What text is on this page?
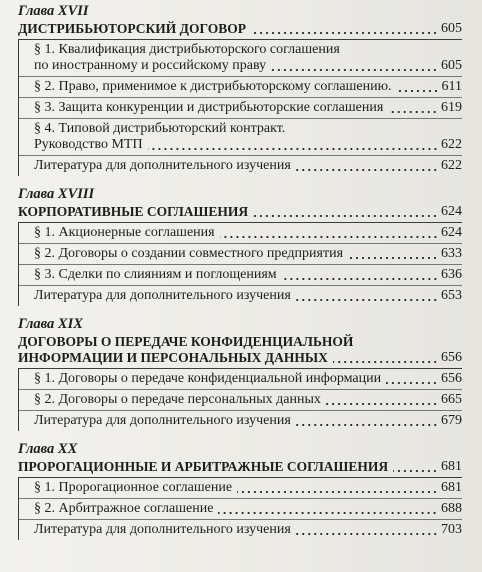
Глава XVII
ДИСТРИБЬЮТОРСКИЙ ДОГОВОР	605
§ 1. Квалификация дистрибьюторского соглашения
по иностранному и российскому праву	605
§ 2. Право, применимое к дистрибьюторскому соглашению.	611
§ 3. Защита конкуренции и дистрибьюторские соглашения	619
§ 4. Типовой дистрибьюторский контракт.
Руководство МТП	622
Литература для дополнительного изучения	622
Глава XVIII
КОРПОРАТИВНЫЕ СОГЛАШЕНИЯ	624
§ 1. Акционерные соглашения	624
§ 2. Договоры о создании совместного предприятия	633
§ 3. Сделки по слияниям и поглощениям	636
Литература для дополнительного изучения	653
Глава XIX
ДОГОВОРЫ О ПЕРЕДАЧЕ КОНФИДЕНЦИАЛЬНОЙ
ИНФОРМАЦИИ И ПЕРСОНАЛЬНЫХ ДАННЫХ	656
§ 1. Договоры о передаче конфиденциальной информации	656
§ 2. Договоры о передаче персональных данных	665
Литература для дополнительного изучения	679
Глава XX
ПРОРОГАЦИОННЫЕ И АРБИТРАЖНЫЕ СОГЛАШЕНИЯ	681
§ 1. Пророгационное соглашение	681
§ 2. Арбитражное соглашение	688
Литература для дополнительного изучения	703
